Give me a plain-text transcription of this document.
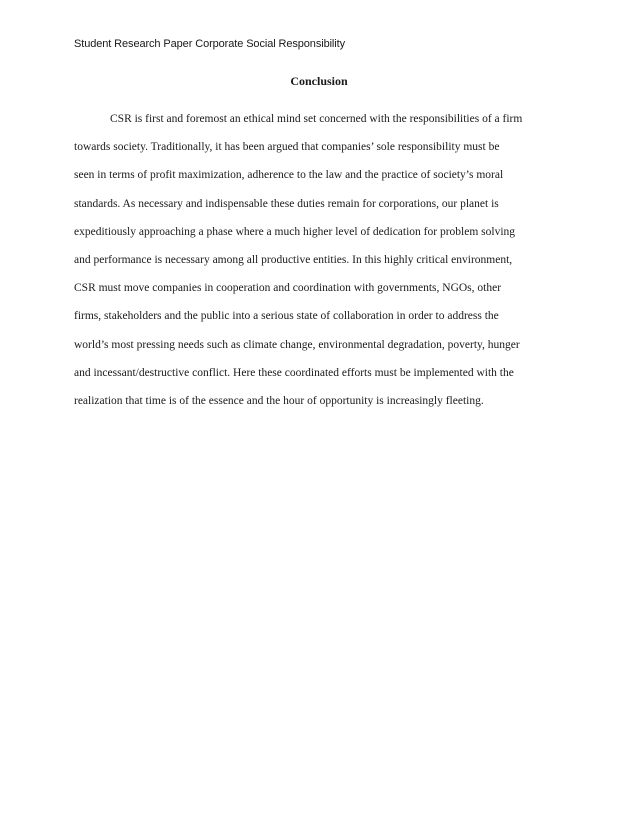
Student Research Paper Corporate Social Responsibility
Conclusion
CSR is first and foremost an ethical mind set concerned with the responsibilities of a firm
towards society. Traditionally, it has been argued that companies’ sole responsibility must be
seen in terms of profit maximization, adherence to the law and the practice of society’s moral
standards. As necessary and indispensable these duties remain for corporations, our planet is
expeditiously approaching a phase where a much higher level of dedication for problem solving
and performance is necessary among all productive entities. In this highly critical environment,
CSR must move companies in cooperation and coordination with governments, NGOs, other
firms, stakeholders and the public into a serious state of collaboration in order to address the
world’s most pressing needs such as climate change, environmental degradation, poverty, hunger
and incessant/destructive conflict. Here these coordinated efforts must be implemented with the
realization that time is of the essence and the hour of opportunity is increasingly fleeting.
